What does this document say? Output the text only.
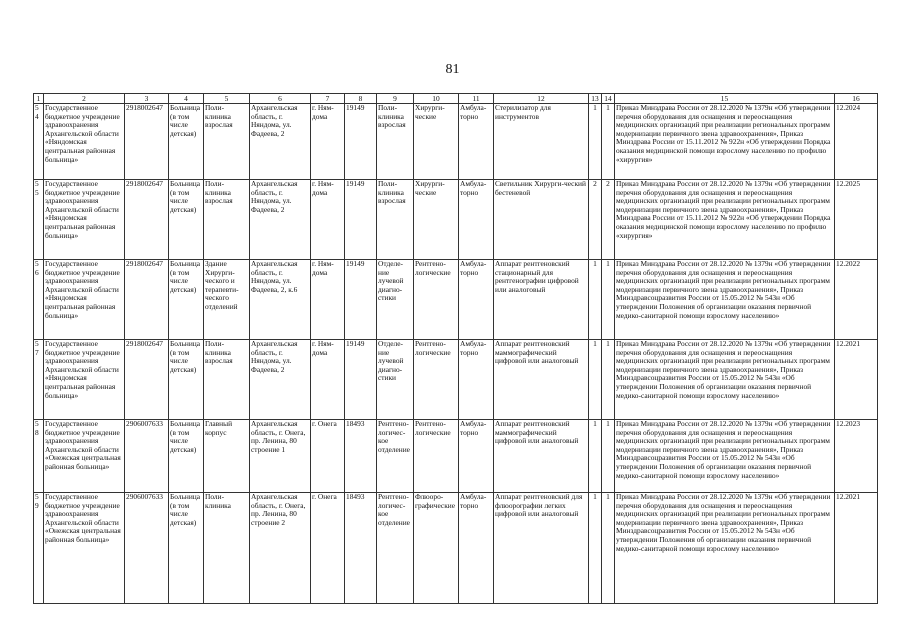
81
1	2	3	4	5	6	7	8	9	10	11	12	13	14	15	16
54	Государственное бюджетное учреждение здравоохранения Архангельской области «Няндомская центральная районная больница»	2918002647	Больница (в том числе детская)	Поли-клиника взрослая	Архангельская область, г. Няндома, ул. Фадеева, 2	г. Ням-дома	19149	Поли-клиника взрослая	Хирурги-ческие	Амбула-торно	Стерилизатор для инструментов	1	1	Приказ Минздрава России от 28.12.2020 № 1379н «Об утверждении перечня оборудования для оснащения и переоснащения медицинских организаций при реализации региональных программ модернизации первичного звена здравоохранения», Приказ Минздрава России от 15.11.2012 № 922н «Об утверждении Порядка оказания медицинской помощи взрослому населению по профилю «хирургия»	12.2024
55	Государственное бюджетное учреждение здравоохранения Архангельской области «Няндомская центральная районная больница»	2918002647	Больница (в том числе детская)	Поли-клиника взрослая	Архангельская область, г. Няндома, ул. Фадеева, 2	г. Ням-дома	19149	Поли-клиника взрослая	Хирурги-ческие	Амбула-торно	Светильник Хирурги-ческий бестеневой	2	2	Приказ Минздрава России от 28.12.2020 № 1379н «Об утверждении перечня оборудования для оснащения и переоснащения медицинских организаций при реализации региональных программ модернизации первичного звена здравоохранения», Приказ Минздрава России от 15.11.2012 № 922н «Об утверждении Порядка оказания медицинской помощи взрослому населению по профилю «хирургия»	12.2025
56	Государственное бюджетное учреждение здравоохранения Архангельской области «Няндомская центральная районная больница»	2918002647	Больница (в том числе детская)	Здание Хирурги-ческого и терапевти-ческого отделений	Архангельская область, г. Няндома, ул. Фадеева, 2, к.6	г. Ням-дома	19149	Отделе-ние лучевой диагно-стики	Рентгено-логические	Амбула-торно	Аппарат рентгеновский стационарный для рентгенографии цифровой или аналоговый	1	1	Приказ Минздрава России от 28.12.2020 № 1379н «Об утверждении перечня оборудования для оснащения и переоснащения медицинских организаций при реализации региональных программ модернизации первичного звена здравоохранения», Приказ Минздравсоцразвития России от 15.05.2012 № 543н «Об утверждении Положения об организации оказания первичной медико-санитарной помощи взрослому населению»	12.2022
57	Государственное бюджетное учреждение здравоохранения Архангельской области «Няндомская центральная районная больница»	2918002647	Больница (в том числе детская)	Поли-клиника взрослая	Архангельская область, г. Няндома, ул. Фадеева, 2	г. Ням-дома	19149	Отделе-ние лучевой диагно-стики	Рентгено-логические	Амбула-торно	Аппарат рентгеновский маммографический цифровой или аналоговый	1	1	Приказ Минздрава России от 28.12.2020 № 1379н «Об утверждении перечня оборудования для оснащения и переоснащения медицинских организаций при реализации региональных программ модернизации первичного звена здравоохранения», Приказ Минздравсоцразвития России от 15.05.2012 № 543н «Об утверждении Положения об организации оказания первичной медико-санитарной помощи взрослому населению»	12.2021
58	Государственное бюджетное учреждение здравоохранения Архангельской области «Онежская центральная районная больница»	2906007633	Больница (в том числе детская)	Главный корпус	Архангельская область, г. Онега, пр. Ленина, 80 строение 1	г. Онега	18493	Рентгено-логичес-кое отделение	Рентгено-логические	Амбула-торно	Аппарат рентгеновский маммографический цифровой или аналоговый	1	1	Приказ Минздрава России от 28.12.2020 № 1379н «Об утверждении перечня оборудования для оснащения и переоснащения медицинских организаций при реализации региональных программ модернизации первичного звена здравоохранения», Приказ Минздравсоцразвития России от 15.05.2012 № 543н «Об утверждении Положения об организации оказания первичной медико-санитарной помощи взрослому населению»	12.2023
59	Государственное бюджетное учреждение здравоохранения Архангельской области «Онежская центральная районная больница»	2906007633	Больница (в том числе детская)	Поли-клиника	Архангельская область, г. Онега, пр. Ленина, 80 строение 2	г. Онега	18493	Рентгено-логичес-кое отделение	Флюоро-графические	Амбула-торно	Аппарат рентгеновский для флюорографии легких цифровой или аналоговый	1	1	Приказ Минздрава России от 28.12.2020 № 1379н «Об утверждении перечня оборудования для оснащения и переоснащения медицинских организаций при реализации региональных программ модернизации первичного звена здравоохранения», Приказ Минздравсоцразвития России от 15.05.2012 № 543н «Об утверждении Положения об организации оказания первичной медико-санитарной помощи взрослому населению»	12.2021
